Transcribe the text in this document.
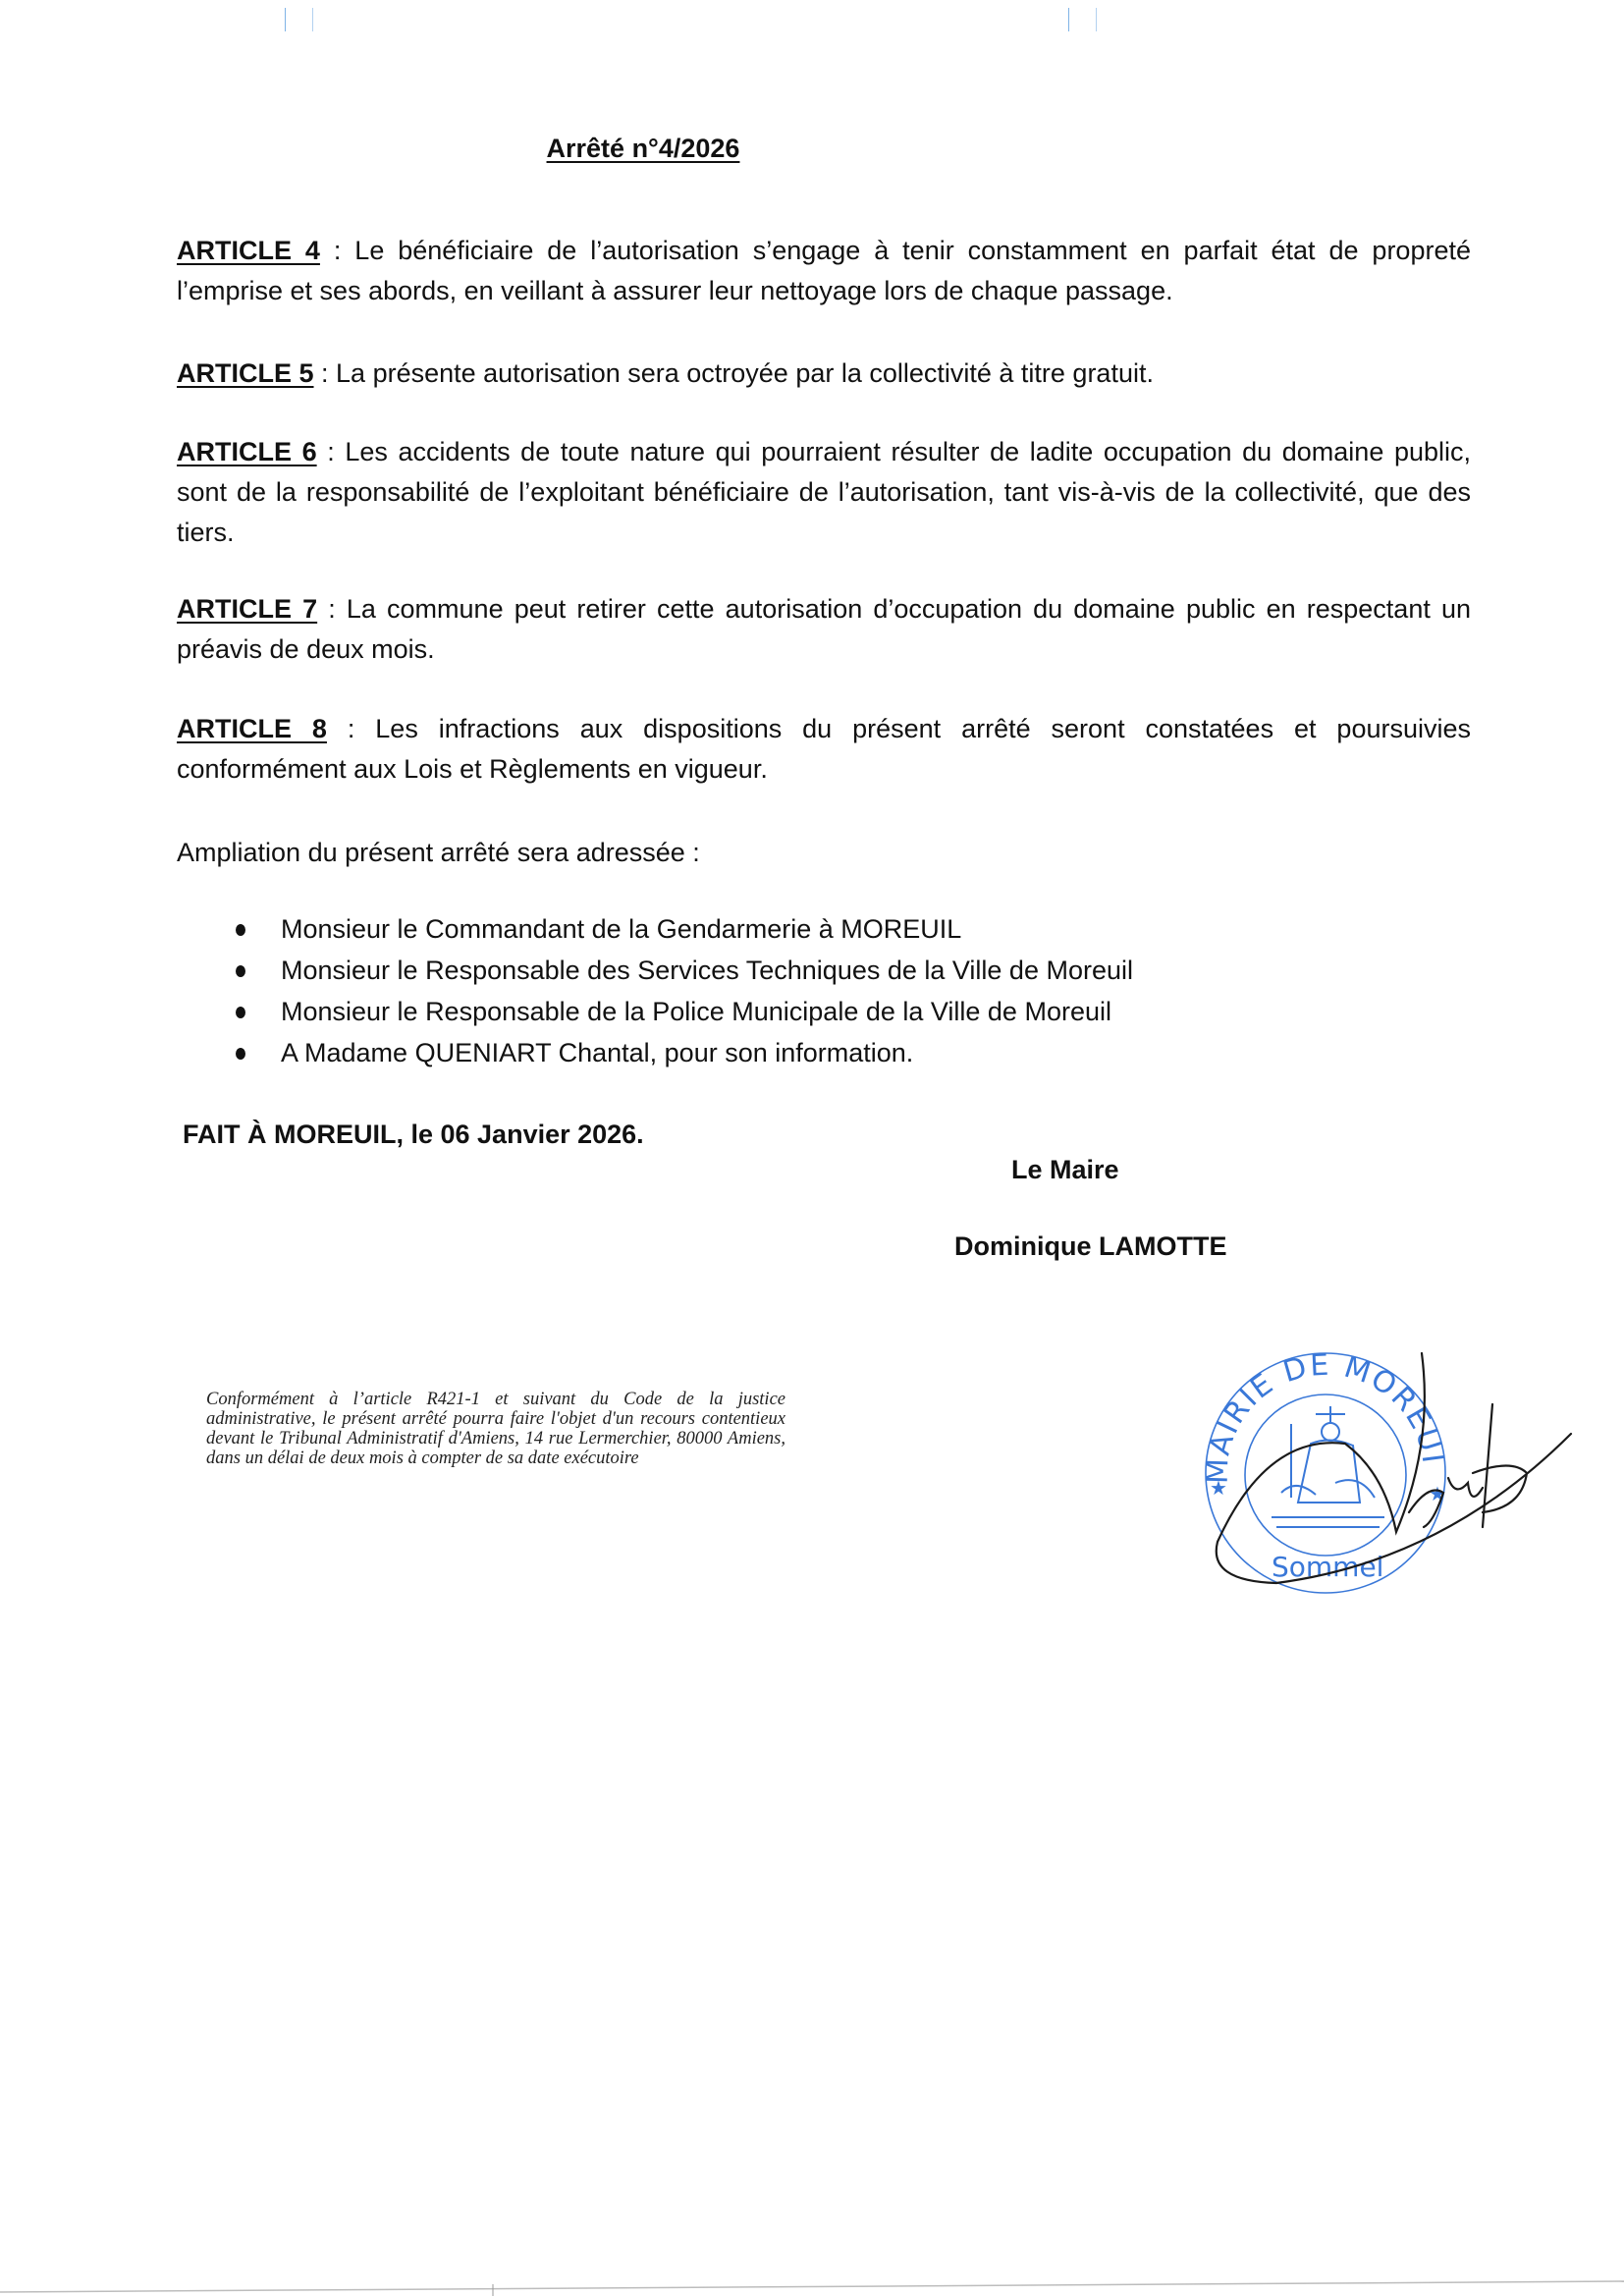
Arrêté n°4/2026
ARTICLE 4 : Le bénéficiaire de l’autorisation s’engage à tenir constamment en parfait état de propreté l’emprise et ses abords, en veillant à assurer leur nettoyage lors de chaque passage.
ARTICLE 5 : La présente autorisation sera octroyée par la collectivité à titre gratuit.
ARTICLE 6 : Les accidents de toute nature qui pourraient résulter de ladite occupation du domaine public, sont de la responsabilité de l’exploitant bénéficiaire de l’autorisation, tant vis-à-vis de la collectivité, que des tiers.
ARTICLE 7 : La commune peut retirer cette autorisation d’occupation du domaine public en respectant un préavis de deux mois.
ARTICLE 8 : Les infractions aux dispositions du présent arrêté seront constatées et poursuivies conformément aux Lois et Règlements en vigueur.
Ampliation du présent arrêté sera adressée :
Monsieur le Commandant de la Gendarmerie à MOREUIL
Monsieur le Responsable des Services Techniques de la Ville de Moreuil
Monsieur le Responsable de la Police Municipale de la Ville de Moreuil
A Madame QUENIART Chantal, pour son information.
FAIT À MOREUIL, le 06 Janvier 2026.
Le Maire
Dominique LAMOTTE
Conformément à l’article R421-1 et suivant du Code de la justice administrative, le présent arrêté pourra faire l'objet d'un recours contentieux devant le Tribunal Administratif d'Amiens, 14 rue Lermerchier, 80000 Amiens, dans un délai de deux mois à compter de sa date exécutoire
★	★
MAIRIE DE MOREUI
Sommel
